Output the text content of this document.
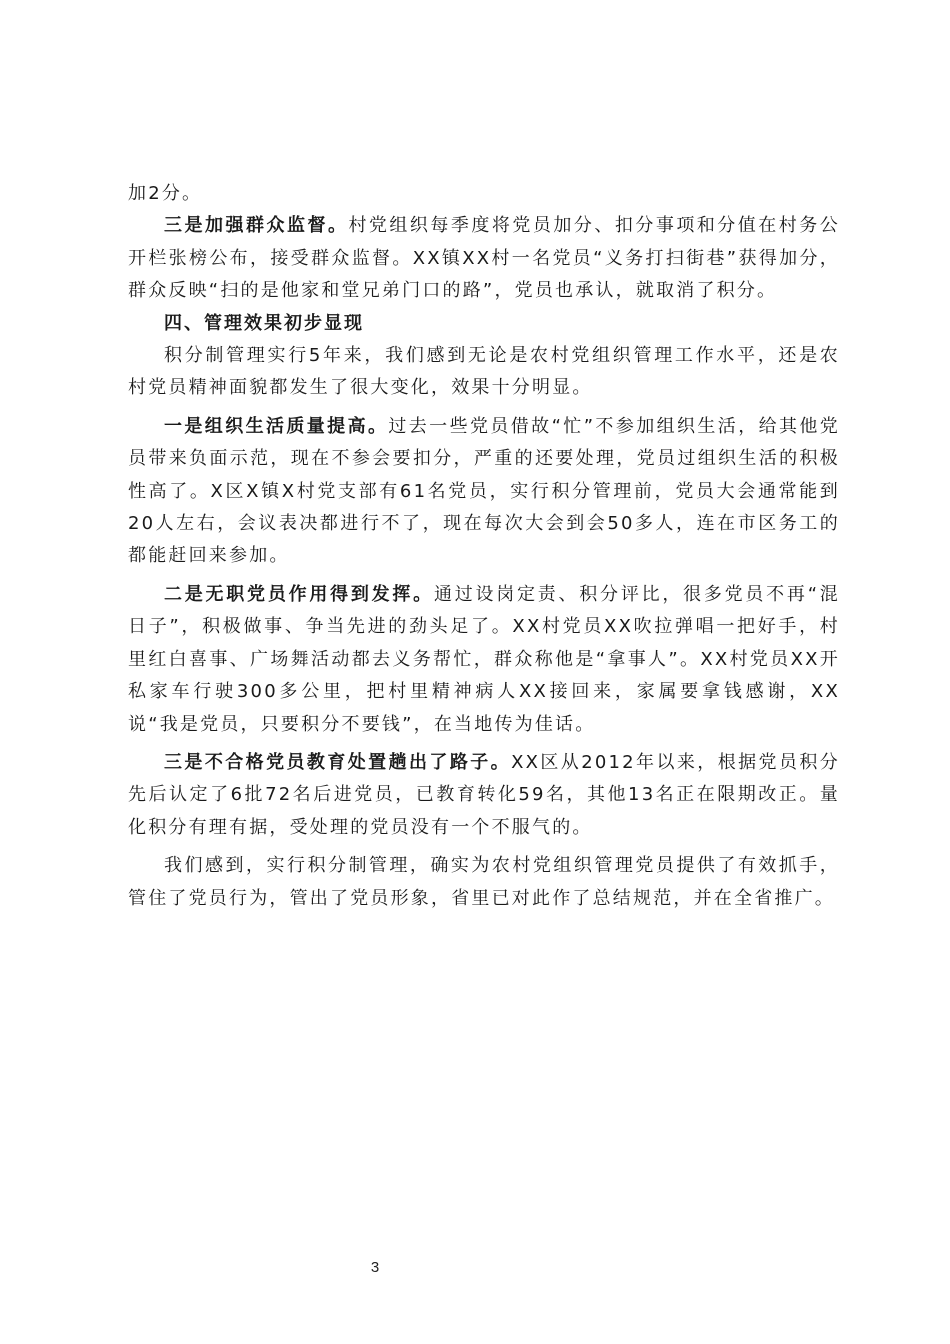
加2分。

三是加强群众监督。村党组织每季度将党员加分、扣分事项和分值在村务公开栏张榜公布，接受群众监督。XX镇XX村一名党员“义务打扫街巷”获得加分，群众反映“扫的是他家和堂兄弟门口的路”，党员也承认，就取消了积分。

四、管理效果初步显现

积分制管理实行5年来，我们感到无论是农村党组织管理工作水平，还是农村党员精神面貌都发生了很大变化，效果十分明显。

一是组织生活质量提高。过去一些党员借故“忙”不参加组织生活，给其他党员带来负面示范，现在不参会要扣分，严重的还要处理，党员过组织生活的积极性高了。X区X镇X村党支部有61名党员，实行积分管理前，党员大会通常能到20人左右，会议表决都进行不了，现在每次大会到会50多人，连在市区务工的都能赶回来参加。

二是无职党员作用得到发挥。通过设岗定责、积分评比，很多党员不再“混日子”，积极做事、争当先进的劲头足了。XX村党员XX吹拉弹唱一把好手，村里红白喜事、广场舞活动都去义务帮忙，群众称他是“拿事人”。XX村党员XX开私家车行驶300多公里，把村里精神病人XX接回来，家属要拿钱感谢，XX说“我是党员，只要积分不要钱”，在当地传为佳话。

三是不合格党员教育处置趟出了路子。XX区从2012年以来，根据党员积分先后认定了6批72名后进党员，已教育转化59名，其他13名正在限期改正。量化积分有理有据，受处理的党员没有一个不服气的。

我们感到，实行积分制管理，确实为农村党组织管理党员提供了有效抓手，管住了党员行为，管出了党员形象，省里已对此作了总结规范，并在全省推广。

3
